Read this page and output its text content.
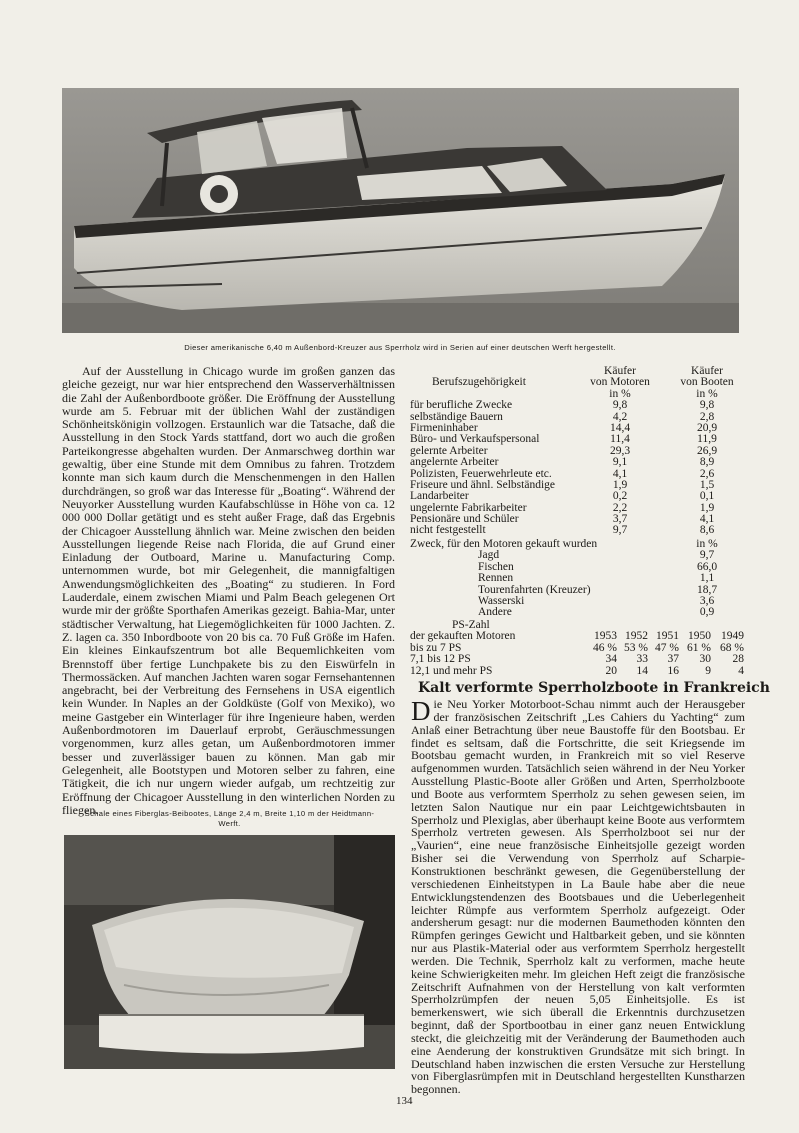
Dieser amerikanische 6,40 m Außenbord-Kreuzer aus Sperrholz wird in Serien auf einer deutschen Werft hergestellt.

Auf der Ausstellung in Chicago wurde im großen ganzen das gleiche gezeigt, nur war hier entsprechend den Wasserverhältnissen die Zahl der Außenbordboote größer. Die Eröffnung der Ausstellung wurde am 5. Februar mit der üblichen Wahl der zuständigen Schönheitskönigin vollzogen. Erstaunlich war die Tatsache, daß die Ausstellung in den Stock Yards stattfand, dort wo auch die großen Parteikongresse abgehalten wurden. Der Anmarschweg dorthin war gewaltig, über eine Stunde mit dem Omnibus zu fahren. Trotzdem konnte man sich kaum durch die Menschenmengen in den Hallen durchdrängen, so groß war das Interesse für „Boating“. Während der Neuyorker Ausstellung wurden Kaufabschlüsse in Höhe von ca. 12 000 000 Dollar getätigt und es steht außer Frage, daß das Ergebnis der Chicagoer Ausstellung ähnlich war. Meine zwischen den beiden Ausstellungen liegende Reise nach Florida, die auf Grund einer Einladung der Outboard, Marine u. Manufacturing Comp. unternommen wurde, bot mir Gelegenheit, die mannigfaltigen Anwendungsmöglichkeiten des „Boating“ zu studieren. In Ford Lauderdale, einem zwischen Miami und Palm Beach gelegenen Ort wurde mir der größte Sporthafen Amerikas gezeigt. Bahia-Mar, unter städtischer Verwaltung, hat Liegemöglichkeiten für 1000 Jachten. Z. Z. lagen ca. 350 Inbordboote von 20 bis ca. 70 Fuß Größe im Hafen. Ein kleines Einkaufszentrum bot alle Bequemlichkeiten vom Brennstoff über fertige Lunchpakete bis zu den Eiswürfeln in Thermossäcken. Auf manchen Jachten waren sogar Fernsehantennen angebracht, bei der Verbreitung des Fernsehens in USA eigentlich kein Wunder. In Naples an der Goldküste (Golf von Mexiko), wo meine Gastgeber ein Winterlager für ihre Ingenieure haben, werden Außenbordmotoren im Dauerlauf erprobt, Geräuschmessungen vorgenommen, kurz alles getan, um Außenbordmotoren immer besser und zuverlässiger bauen zu können. Man gab mir Gelegenheit, alle Bootstypen und Motoren selber zu fahren, eine Tätigkeit, die ich nur ungern wieder aufgab, um rechtzeitig zur Eröffnung der Chicagoer Ausstellung in den winterlichen Norden zu fliegen.

Käufer	Käufer
Berufszugehörigkeit	von Motoren	von Booten
in %	in %
für berufliche Zwecke	9,8	9,8
selbständige Bauern	4,2	2,8
Firmeninhaber	14,4	20,9
Büro- und Verkaufspersonal	11,4	11,9
gelernte Arbeiter	29,3	26,9
angelernte Arbeiter	9,1	8,9
Polizisten, Feuerwehrleute etc.	4,1	2,6
Friseure und ähnl. Selbständige	1,9	1,5
Landarbeiter	0,2	0,1
ungelernte Fabrikarbeiter	2,2	1,9
Pensionäre und Schüler	3,7	4,1
nicht festgestellt	9,7	8,6
Zweck, für den Motoren gekauft wurden	in %
Jagd	9,7
Fischen	66,0
Rennen	1,1
Tourenfahrten (Kreuzer)	18,7
Wasserski	3,6
Andere	0,9
PS-Zahl
der gekauften Motoren	1953 1952 1951 1950 1949
bis zu 7 PS	46 % 53 % 47 % 61 % 68 %
7,1 bis 12 PS	34	33	37	30	28
12,1 und mehr PS	20	14	16	9	4
Kalt verformte Sperrholzboote in Frankreich

Die Neu Yorker Motorboot-Schau nimmt auch der Herausgeber der französischen Zeitschrift „Les Cahiers du Yachting“ zum Anlaß einer Betrachtung über neue Baustoffe für den Bootsbau. Er findet es seltsam, daß die Fortschritte, die seit Kriegsende im Bootsbau gemacht wurden, in Frankreich mit so viel Reserve aufgenommen wurden. Tatsächlich seien während in der Neu Yorker Ausstellung Plastic-Boote aller Größen und Arten, Sperrholzboote und Boote aus verformtem Sperrholz zu sehen gewesen seien, im letzten Salon Nautique nur ein paar Leichtgewichtsbauten in Sperrholz und Plexiglas, aber überhaupt keine Boote aus verformtem Sperrholz vertreten gewesen. Als Sperrholzboot sei nur der „Vaurien“, eine neue französische Einheitsjolle gezeigt worden Bisher sei die Verwendung von Sperrholz auf Scharpie-Konstruktionen beschränkt gewesen, die Gegenüberstellung der verschiedenen Einheitstypen in La Baule habe aber die neue Entwicklungstendenzen des Bootsbaues und die Ueberlegenheit leichter Rümpfe aus verformtem Sperrholz aufgezeigt. Oder andersherum gesagt: nur die modernen Baumethoden könnten den Rümpfen geringes Gewicht und Haltbarkeit geben, und sie könnten nur aus Plastik-Material oder aus verformtem Sperrholz hergestellt werden. Die Technik, Sperrholz kalt zu verformen, mache heute keine Schwierigkeiten mehr. Im gleichen Heft zeigt die französische Zeitschrift Aufnahmen von der Herstellung von kalt verformten Sperrholzrümpfen der neuen 5,05 Einheitsjolle. Es ist bemerkenswert, wie sich überall die Erkenntnis durchzusetzen beginnt, daß der Sportbootbau in einer ganz neuen Entwicklung steckt, die gleichzeitig mit der Veränderung der Baumethoden auch eine Aenderung der konstruktiven Grundsätze mit sich bringt. In Deutschland haben inzwischen die ersten Versuche zur Herstellung von Fiberglasrümpfen mit in Deutschland hergestellten Kunstharzen begonnen.

Schale eines Fiberglas-Beibootes, Länge 2,4 m, Breite 1,10 m der Heidtmann-
Werft.
134
